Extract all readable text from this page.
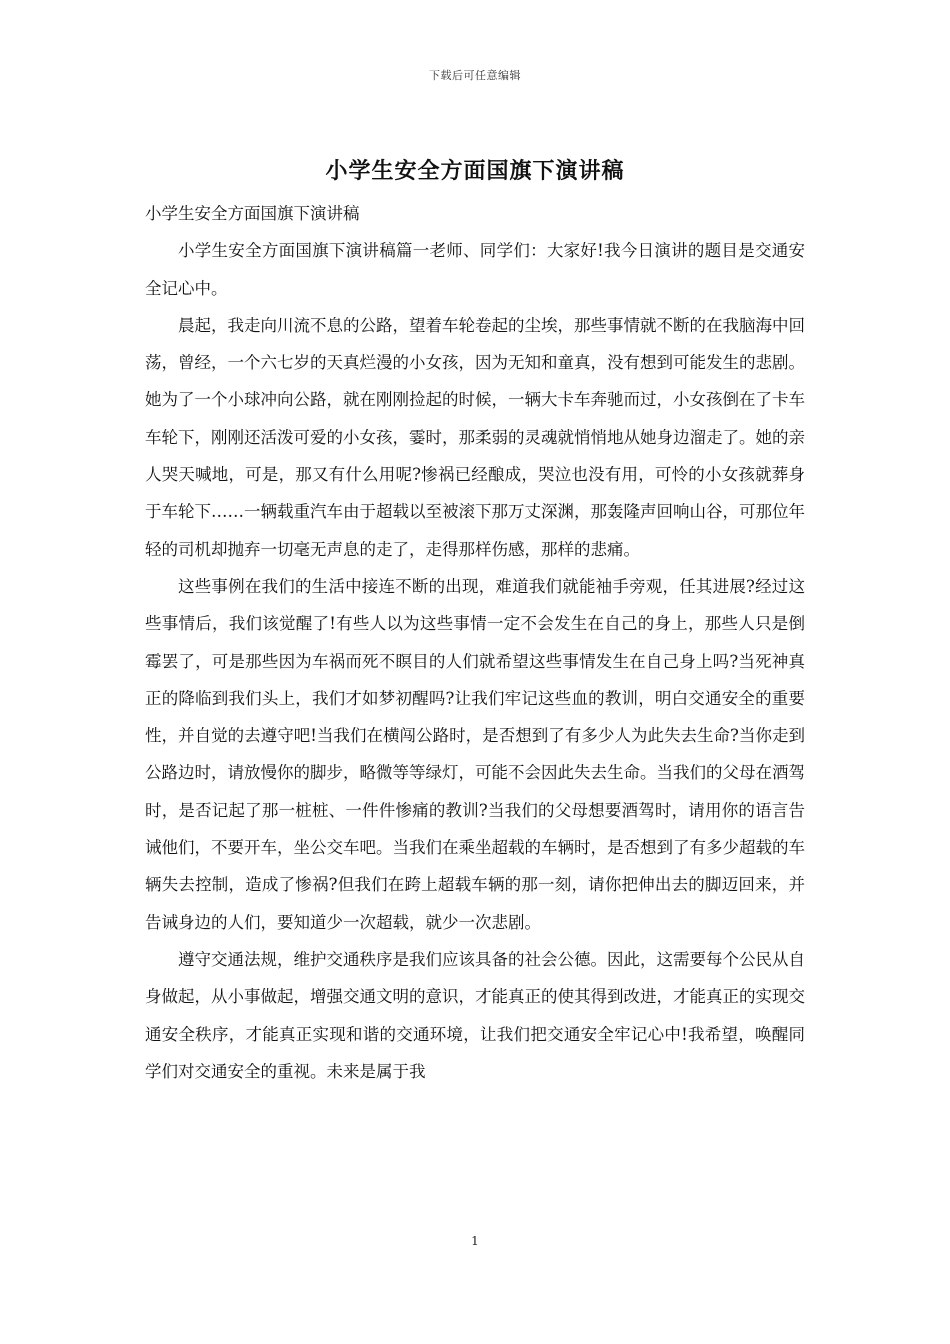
下载后可任意编辑
小学生安全方面国旗下演讲稿

小学生安全方面国旗下演讲稿

小学生安全方面国旗下演讲稿篇一老师、同学们：大家好!我今日演讲的题目是交通安全记心中。

晨起，我走向川流不息的公路，望着车轮卷起的尘埃，那些事情就不断的在我脑海中回荡，曾经，一个六七岁的天真烂漫的小女孩，因为无知和童真，没有想到可能发生的悲剧。她为了一个小球冲向公路，就在刚刚捡起的时候，一辆大卡车奔驰而过，小女孩倒在了卡车车轮下，刚刚还活泼可爱的小女孩，霎时，那柔弱的灵魂就悄悄地从她身边溜走了。她的亲人哭天喊地，可是，那又有什么用呢?惨祸已经酿成，哭泣也没有用，可怜的小女孩就葬身于车轮下……一辆载重汽车由于超载以至被滚下那万丈深渊，那轰隆声回响山谷，可那位年轻的司机却抛弃一切毫无声息的走了，走得那样伤感，那样的悲痛。

这些事例在我们的生活中接连不断的出现，难道我们就能袖手旁观，任其进展?经过这些事情后，我们该觉醒了!有些人以为这些事情一定不会发生在自己的身上，那些人只是倒霉罢了，可是那些因为车祸而死不瞑目的人们就希望这些事情发生在自己身上吗?当死神真正的降临到我们头上，我们才如梦初醒吗?让我们牢记这些血的教训，明白交通安全的重要性，并自觉的去遵守吧!当我们在横闯公路时，是否想到了有多少人为此失去生命?当你走到公路边时，请放慢你的脚步，略微等等绿灯，可能不会因此失去生命。当我们的父母在酒驾时，是否记起了那一桩桩、一件件惨痛的教训?当我们的父母想要酒驾时，请用你的语言告诫他们，不要开车，坐公交车吧。当我们在乘坐超载的车辆时，是否想到了有多少超载的车辆失去控制，造成了惨祸?但我们在跨上超载车辆的那一刻，请你把伸出去的脚迈回来，并告诫身边的人们，要知道少一次超载，就少一次悲剧。

遵守交通法规，维护交通秩序是我们应该具备的社会公德。因此，这需要每个公民从自身做起，从小事做起，增强交通文明的意识，才能真正的使其得到改进，才能真正的实现交通安全秩序，才能真正实现和谐的交通环境，让我们把交通安全牢记心中!我希望，唤醒同学们对交通安全的重视。未来是属于我

1
